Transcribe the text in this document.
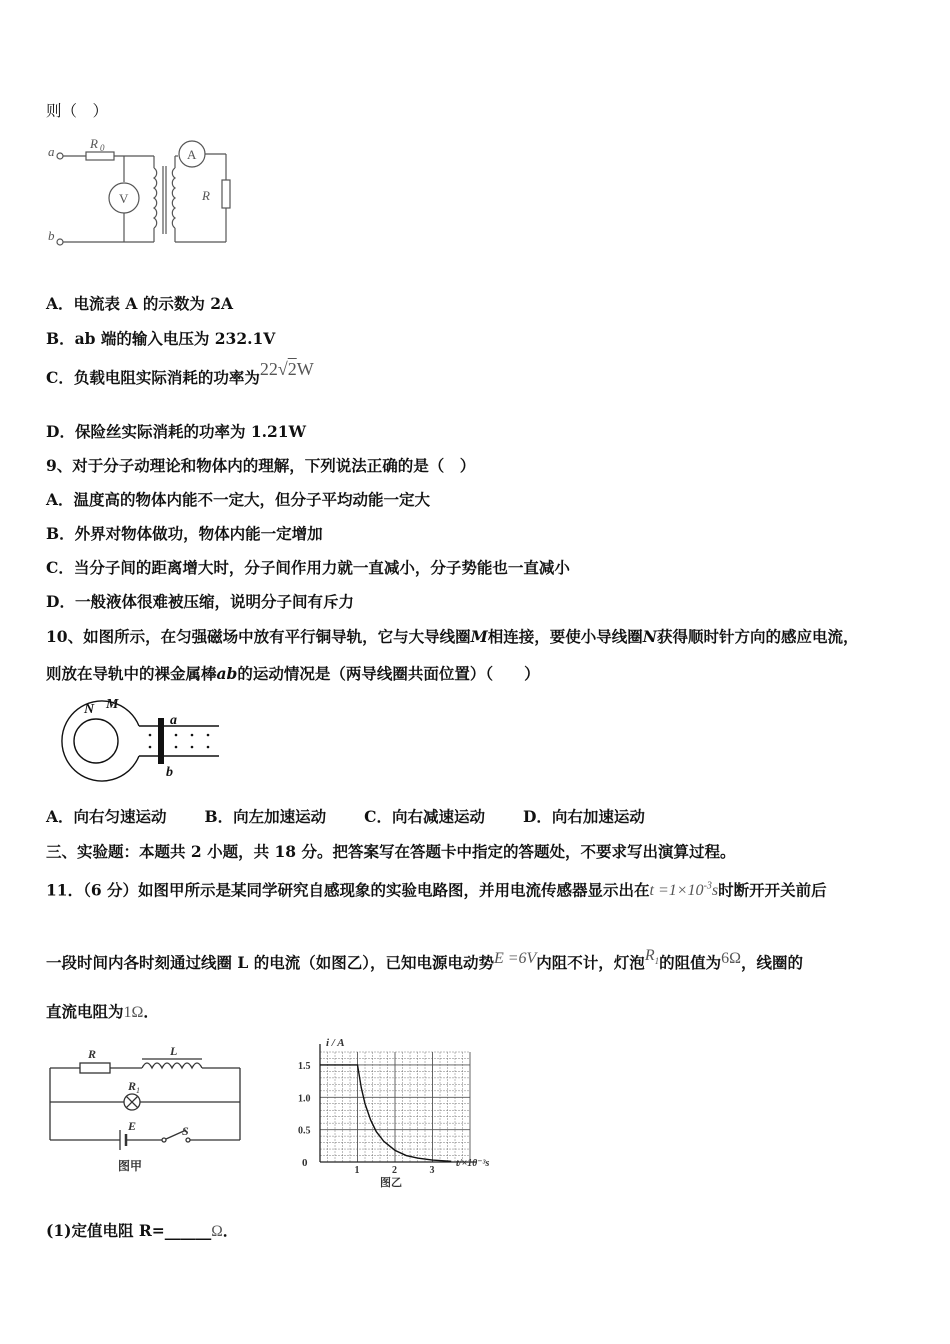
则（　）
a
b
R 0	A
V	R
A．电流表 A 的示数为 2A
B．ab 端的输入电压为 232.1V
C．负载电阻实际消耗的功率为22√2W
D．保险丝实际消耗的功率为 1.21W
9、对于分子动理论和物体内的理解，下列说法正确的是（　）
A．温度高的物体内能不一定大，但分子平均动能一定大
B．外界对物体做功，物体内能一定增加
C．当分子间的距离增大时，分子间作用力就一直减小，分子势能也一直减小
D．一般液体很难被压缩，说明分子间有斥力
10、如图所示，在匀强磁场中放有平行铜导轨，它与大导线圈M相连接，要使小导线圈N获得顺时针方向的感应电流，
则放在导轨中的裸金属棒ab的运动情况是（两导线圈共面位置）（　　）
M
N
a
b
A．向右匀速运动 B．向左加速运动 C．向右减速运动 D．向右加速运动
三、实验题：本题共 2 小题，共 18 分。把答案写在答题卡中指定的答题处，不要求写出演算过程。
11．（6 分）如图甲所示是某同学研究自感现象的实验电路图，并用电流传感器显示出在$t =1\times 10^{-3}s$时断开开关前后
一段时间内各时刻通过线圈 L 的电流（如图乙），已知电源电动势E =6V内阻不计，灯泡$R_1$的阻值为6Ω，线圈的
直流电阻为1Ω．
R	L
R 1
E	S
图甲	1	2	3
0.5
1.0
1.5
i / A
t/×10⁻³s
0
图乙
(1)定值电阻 R=______Ω．
